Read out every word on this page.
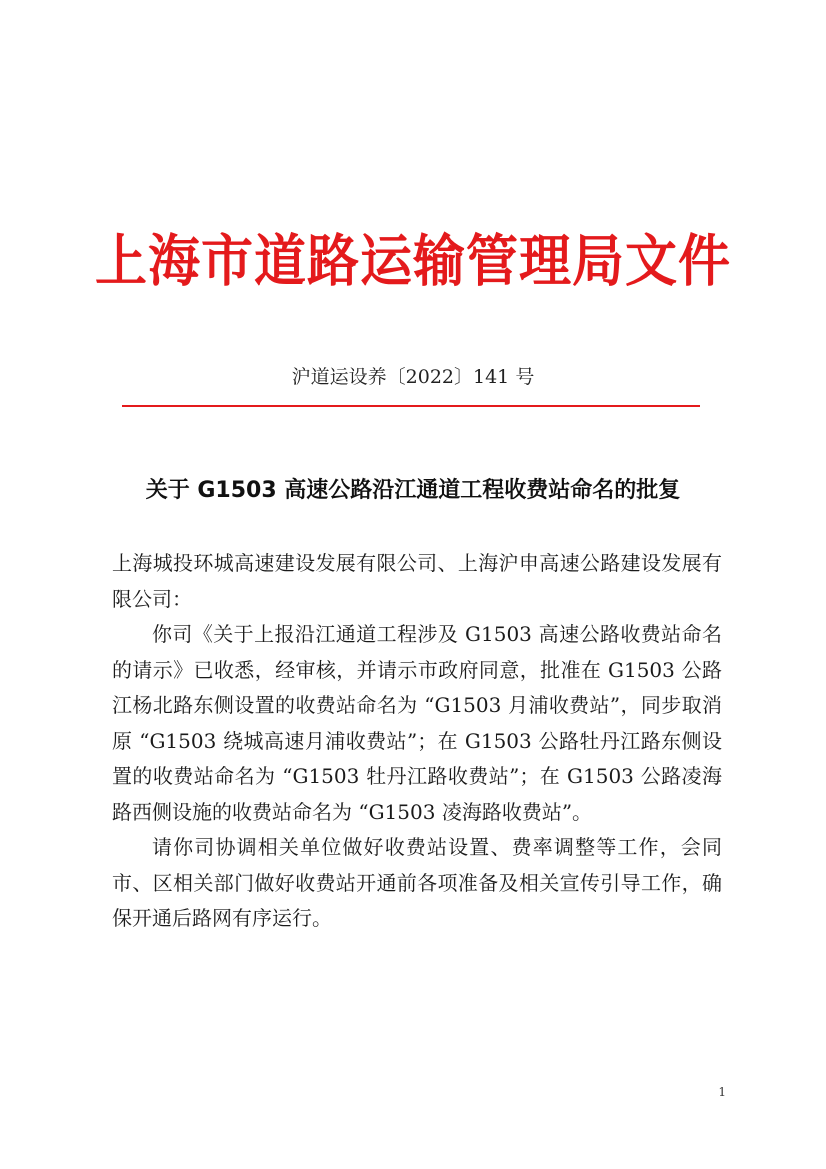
上海市道路运输管理局文件
沪道运设养〔2022〕141 号
关于 G1503 高速公路沿江通道工程收费站命名的批复

上海城投环城高速建设发展有限公司、上海沪申高速公路建设发展有限公司：

你司《关于上报沿江通道工程涉及 G1503 高速公路收费站命名的请示》已收悉，经审核，并请示市政府同意，批准在 G1503 公路江杨北路东侧设置的收费站命名为 “G1503 月浦收费站”，同步取消原 “G1503 绕城高速月浦收费站”；在 G1503 公路牡丹江路东侧设置的收费站命名为 “G1503 牡丹江路收费站”；在 G1503 公路凌海路西侧设施的收费站命名为 “G1503 凌海路收费站”。

请你司协调相关单位做好收费站设置、费率调整等工作，会同市、区相关部门做好收费站开通前各项准备及相关宣传引导工作，确保开通后路网有序运行。

1
